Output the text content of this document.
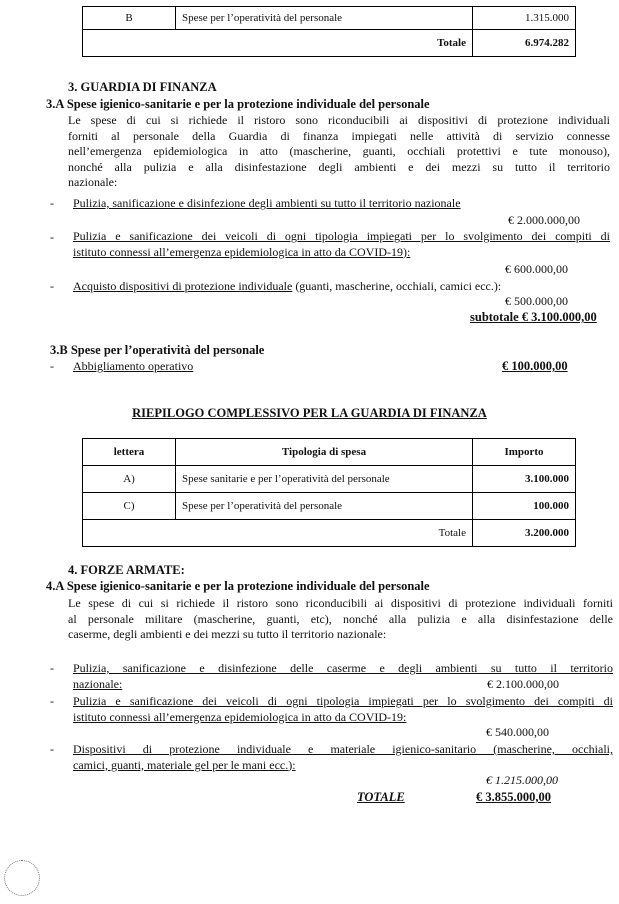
B	Spese per l’operatività del personale	1.315.000
	Totale	6.974.282
3. GUARDIA DI FINANZA
3.A Spese igienico-sanitarie e per la protezione individuale del personale
Le spese di cui si richiede il ristoro sono riconducibili ai dispositivi di protezione individuali
forniti al personale della Guardia di finanza impiegati nelle attività di servizio connesse
nell’emergenza epidemiologica in atto (mascherine, guanti, occhiali protettivi e tute monouso),
nonché alla pulizia e alla disinfestazione degli ambienti e dei mezzi su tutto il territorio
nazionale:
- Pulizia, sanificazione e disinfezione degli ambienti su tutto il territorio nazionale
€ 2.000.000,00
- Pulizia e sanificazione dei veicoli di ogni tipologia impiegati per lo svolgimento dei compiti di
istituto connessi all’emergenza epidemiologica in atto da COVID-19):
€ 600.000,00
- Acquisto dispositivi di protezione individuale (guanti, mascherine, occhiali, camici ecc.):
€ 500.000,00
subtotale € 3.100.000,00
3.B Spese per l’operatività del personale
- Abbigliamento operativo	€ 100.000,00
RIEPILOGO COMPLESSIVO PER LA GUARDIA DI FINANZA
lettera	Tipologia di spesa	Importo
A)	Spese sanitarie e per l’operatività del personale	3.100.000
C)	Spese per l’operatività del personale	100.000
	Totale	3.200.000
4. FORZE ARMATE:
4.A Spese igienico-sanitarie e per la protezione individuale del personale
Le spese di cui si richiede il ristoro sono riconducibili ai dispositivi di protezione individuali forniti
al personale militare (mascherine, guanti, etc), nonché alla pulizia e alla disinfestazione delle
caserme, degli ambienti e dei mezzi su tutto il territorio nazionale:
- Pulizia, sanificazione e disinfezione delle caserme e degli ambienti su tutto il territorio
nazionale:	€ 2.100.000,00
- Pulizia e sanificazione dei veicoli di ogni tipologia impiegati per lo svolgimento dei compiti di
istituto connessi all’emergenza epidemiologica in atto da COVID-19:
€ 540.000,00
- Dispositivi di protezione individuale e materiale igienico-sanitario (mascherine, occhiali,
camici, guanti, materiale gel per le mani ecc.):
€ 1.215.000,00
TOTALE	€ 3.855.000,00
